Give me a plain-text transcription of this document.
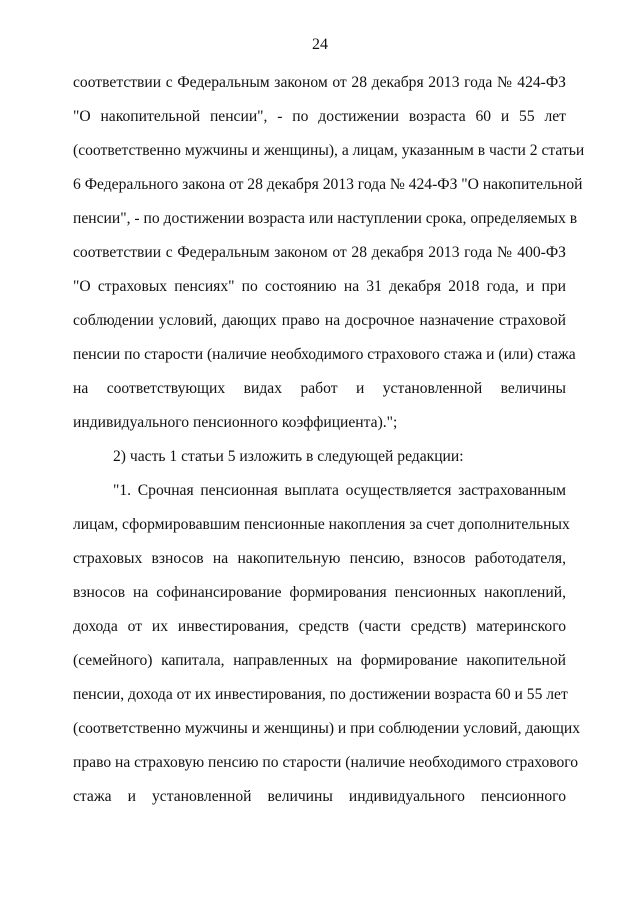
24
соответствии с Федеральным законом от 28 декабря 2013 года № 424-ФЗ
"О накопительной пенсии", - по достижении возраста 60 и 55 лет
(соответственно мужчины и женщины), а лицам, указанным в части 2 статьи
6 Федерального закона от 28 декабря 2013 года № 424-ФЗ "О накопительной
пенсии", - по достижении возраста или наступлении срока, определяемых в
соответствии с Федеральным законом от 28 декабря 2013 года № 400-ФЗ
"О страховых пенсиях" по состоянию на 31 декабря 2018 года, и при
соблюдении условий, дающих право на досрочное назначение страховой
пенсии по старости (наличие необходимого страхового стажа и (или) стажа
на соответствующих видах работ и установленной величины
индивидуального пенсионного коэффициента).";
2) часть 1 статьи 5 изложить в следующей редакции:
"1. Срочная пенсионная выплата осуществляется застрахованным
лицам, сформировавшим пенсионные накопления за счет дополнительных
страховых взносов на накопительную пенсию, взносов работодателя,
взносов на софинансирование формирования пенсионных накоплений,
дохода от их инвестирования, средств (части средств) материнского
(семейного) капитала, направленных на формирование накопительной
пенсии, дохода от их инвестирования, по достижении возраста 60 и 55 лет
(соответственно мужчины и женщины) и при соблюдении условий, дающих
право на страховую пенсию по старости (наличие необходимого страхового
стажа и установленной величины индивидуального пенсионного
